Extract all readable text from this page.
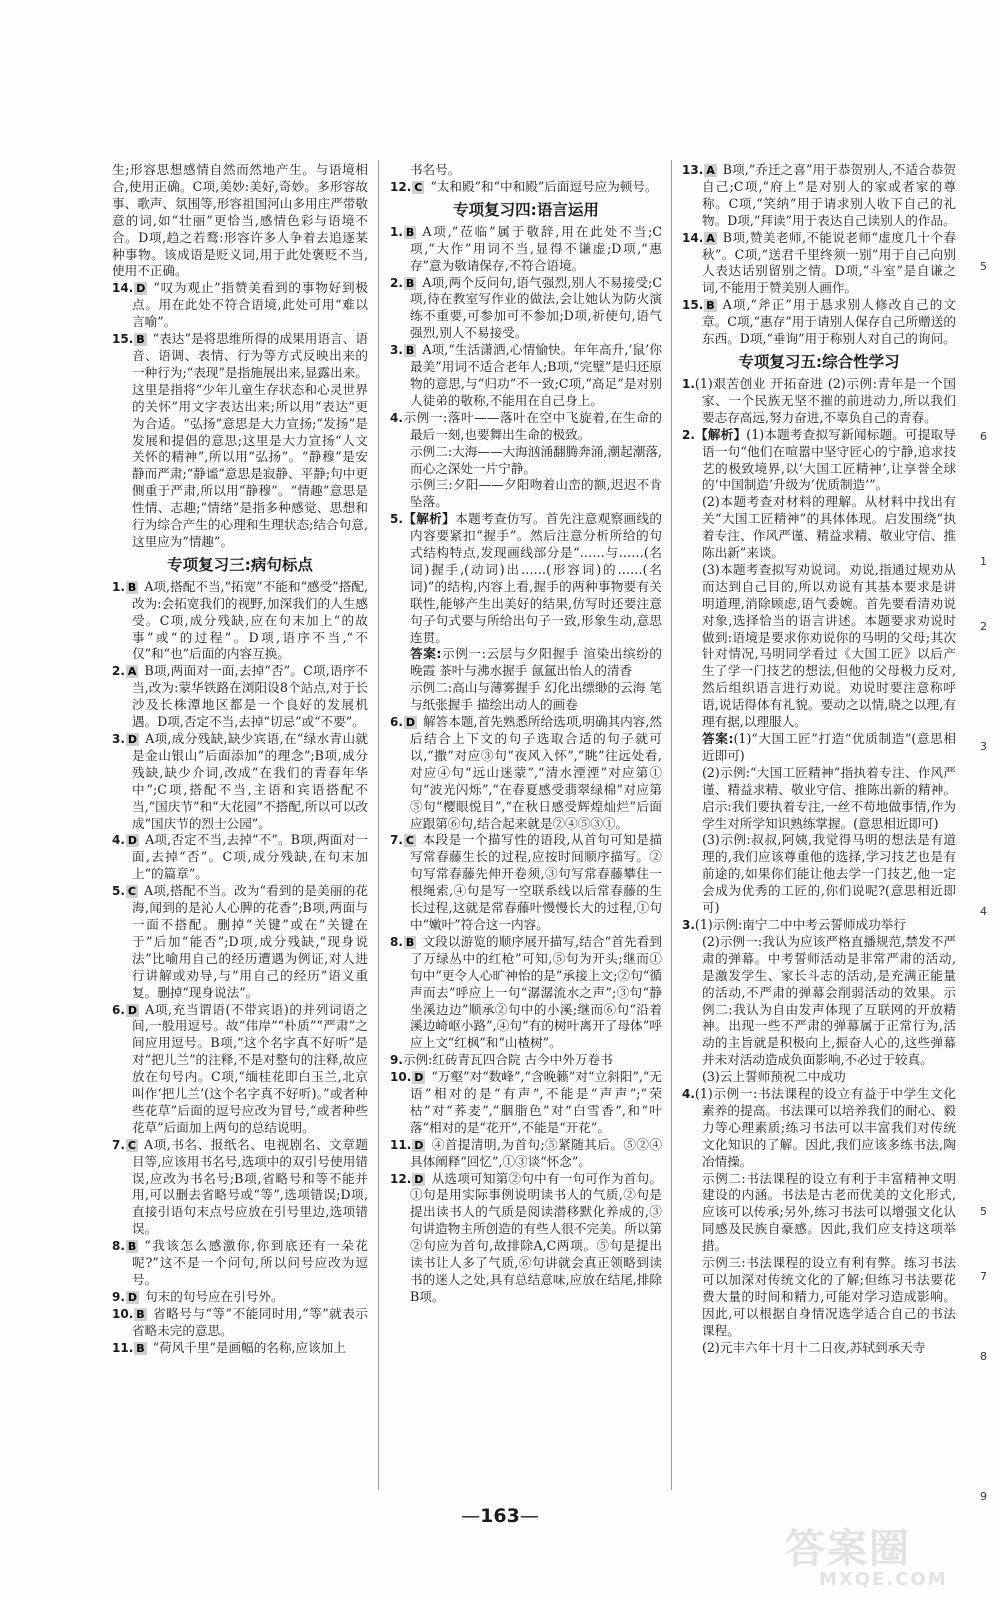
生;形容思想感情自然而然地产生。与语境相合,使用正确。C项,美妙:美好,奇妙。多形容故事、歌声、氛围等,形容祖国河山多用庄严带敬意的词,如“壮丽”更恰当,感情色彩与语境不合。D项,趋之若鹜:形容许多人争着去追逐某种事物。该成语是贬义词,用于此处褒贬不当,使用不正确。

14. D “叹为观止”指赞美看到的事物好到极点。用在此处不符合语境,此处可用“难以言喻”。

15. B “表达”是将思维所得的成果用语言、语音、语调、表情、行为等方式反映出来的一种行为;“表现”是指施展出来,显露出来。这里是指将“少年儿童生存状态和心灵世界的关怀”用文字表达出来;所以用“表达”更为合适。“弘扬”意思是大力宣扬;“发扬”是发展和提倡的意思;这里是大力宣扬“人文关怀的精神”,所以用“弘扬”。“静穆”是安静而严肃;“静谧”意思是寂静、平静;句中更侧重于严肃,所以用“静穆”。“情趣”意思是性情、志趣;“情绪”是指多种感觉、思想和行为综合产生的心理和生理状态;结合句意,这里应为“情趣”。

专项复习三:病句标点

1. B A项,搭配不当,“拓宽”不能和“感受”搭配,改为:会拓宽我们的视野,加深我们的人生感受。C项,成分残缺,应在句末加上“的故事”或“的过程”。D项,语序不当,“不仅”和“也”后面的内容互换。

2. A B项,两面对一面,去掉“否”。C项,语序不当,改为:蒙华铁路在浏阳设8个站点,对于长沙及长株潭地区都是一个良好的发展机遇。D项,否定不当,去掉“切忌”或“不要”。

3. D A项,成分残缺,缺少宾语,在“绿水青山就是金山银山”后面添加“的理念”;B项,成分残缺,缺少介词,改成“在我们的青春年华中”;C项,搭配不当,主语和宾语搭配不当,“国庆节”和“大花园”不搭配,所以可以改成“国庆节的烈士公园”。

4. D A项,否定不当,去掉“不”。B项,两面对一面,去掉“否”。C项,成分残缺,在句末加上“的篇章”。

5. C A项,搭配不当。改为“看到的是美丽的花海,闻到的是沁人心脾的花香”;B项,两面与一面不搭配。删掉“关键”或在“关键在于”后加“能否”;D项,成分残缺,“现身说法”比喻用自己的经历遭遇为例证,对人进行讲解或劝导,与“用自己的经历”语义重复。删掉“现身说法”。

6. D A项,充当谓语(不带宾语)的并列词语之间,一般用逗号。故“伟岸”“朴质”“严肃”之间应用逗号。B项,“这个名字真不好听”是对“把儿兰”的注释,不是对整句的注释,故应放在句号内。C项,“缅桂花即白玉兰,北京叫作‘把儿兰’(这个名字真不好听)。”或者种些花草”后面的逗号应改为冒号,“或者种些花草”后面加上两句的总结说明。

7. C A项,书名、报纸名、电视剧名、文章题目等,应该用书名号,选项中的双引号使用错误,应改为书名号;B项,省略号和等不能并用,可以删去省略号或“等”,选项错误;D项,直接引语句末点号应放在引号里边,选项错误。

8. B “我该怎么感激你,你到底还有一朵花呢?”这不是一个问句,所以问号应改为逗号。

9. D 句末的句号应在引号外。

10. B 省略号与“等”不能同时用,“等”就表示省略未完的意思。

11. B “荷风千里”是画幅的名称,应该加上

书名号。

12. C “太和殿”和“中和殿”后面逗号应为顿号。

专项复习四:语言运用

1. B A项,“莅临”属于敬辞,用在此处不当;C项,“大作”用词不当,显得不谦虚;D项,“惠存”意为敬请保存,不符合语境。

2. B A项,两个反问句,语气强烈,别人不易接受;C项,待在教室写作业的做法,会让她认为防火演练不重要,可参加可不参加;D项,祈使句,语气强烈,别人不易接受。

3. B A项,“生活潇洒,心情愉快。年年高升,‘鼠’你最美”用词不适合老年人;B项,“完璧”是归还原物的意思,与“归功”不一致;C项,“高足”是对别人徒弟的敬称,不能用在自己身上。

4.示例一:落叶——落叶在空中飞旋着,在生命的最后一刻,也要舞出生命的极致。

示例二:大海——大海汹涌翻腾奔涌,潮起潮落,而心之深处一片宁静。

示例三:夕阳——夕阳吻着山峦的额,迟迟不肯坠落。

5.【解析】本题考查仿写。首先注意观察画线的内容要紧扣“握手”。然后注意分析所给的句式结构特点,发现画线部分是“……与……(名词)握手,(动词)出……(形容词)的……(名词)”的结构,内容上看,握手的两种事物要有关联性,能够产生出美好的结果,仿写时还要注意句子句式要与所给出句子一致,形象生动,意思连贯。

答案:示例一:云层与夕阳握手 渲染出缤纷的晚霞 茶叶与沸水握手 氤氲出怡人的清香

示例二:高山与薄雾握手 幻化出缥缈的云海 笔与纸张握手 描绘出动人的画卷

6. D 解答本题,首先熟悉所给选项,明确其内容,然后结合上下文的句子选取合适的句子就可以,“撒”对应③句“夜风入怀”,“眺”往远处看,对应④句“远山迷蒙”,“清水湮湮”对应第①句“波光闪烁”,“在春夏感受翡翠绿棉”对应第⑤句“樱眼悦目”,“在秋日感受辉煌灿烂”后面应跟第⑥句,结合起来就是②④⑤③①。

7. C 本段是一个描写性的语段,从首句可知是描写常春藤生长的过程,应按时间顺序描写。②句写常春藤先伸开卷须,③句写常春藤攀住一根绳索,④句是写一空联系线以后常春藤的生长过程,这就是常春藤叶慢慢长大的过程,①句中“嫩叶”符合这一内容。

8. B 文段以游览的顺序展开描写,结合“首先看到了万绿丛中的红枪”可知,⑤句为开头;继而①句中“更令人心旷神怡的是”承接上文;②句“循声而去”呼应上一句“潺潺流水之声”;③句“静坐溪边边”顺承②句中的小溪;继而⑥句“沿着溪边崎岖小路”,④句“有的树叶离开了母体”呼应上文“红枫”和“山楂树”。

9.示例:红砖青瓦四合院 古今中外万卷书

10. D “万壑”对“数峰”,“含晚籁”对“立斜阳”,“无语”相对的是“有声”,不能是“声声”;“荣枯”对“荞麦”,“胭脂色”对“白雪香”,和“叶落”相对的是“花开”,不能是“开花”。

11. D ④首提清明,为首句;⑤紧随其后。⑤②④具体阐释“回忆”,①③谈“怀念”。

12. D 从选项可知第②句中有一句可作为首句。①句是用实际事例说明读书人的气质,②句是提出读书人的气质是阅读潜移默化养成的,③句讲造物主所创造的有些人很不完美。所以第②句应为首句,故排除A,C两项。⑤句是提出读书让人多了气质,⑥句讲就会真正领略到读书的迷人之处,具有总结意味,应放在结尾,排除B项。

13. A B项,“乔迁之喜”用于恭贺别人,不适合恭贺自己;C项,“府上”是对别人的家或者家的尊称。C项,“笑纳”用于请求别人收下自己的礼物。D项,“拜读”用于表达自己读别人的作品。

14. A B项,赞美老师,不能说老师“虚度几十个春秋”。C项,“送君千里终须一别”用于自己向别人表达话别留别之情。D项,“斗室”是自谦之词,不能用于赞美别人画作。

15. B A项,“斧正”用于恳求别人修改自己的文章。C项,“惠存”用于请别人保存自己所赠送的东西。D项,“垂询”用于称别人对自己的询问。

专项复习五:综合性学习

1.(1)艰苦创业 开拓奋进 (2)示例:青年是一个国家、一个民族无坚不摧的前进动力,所以我们要志存高远,努力奋进,不辜负自己的青春。

2.【解析】(1)本题考查拟写新闻标题。可提取导语一句“他们在喧嚣中坚守匠心的宁静,追求技艺的极致境界,以‘大国工匠精神’,让享誉全球的‘中国制造’升级为‘优质制造’”。

(2)本题考查对材料的理解。从材料中找出有关“大国工匠精神”的具体体现。启发围绕“执着专注、作风严谨、精益求精、敬业守信、推陈出新”来谈。

(3)本题考查拟写劝说词。劝说,指通过规劝从而达到自己目的,所以劝说有其基本要求是讲明道理,消除顾虑,语气委婉。首先要看清劝说对象,选择恰当的语言讲述。本题要求劝说时做到:语境是要求你劝说你的马明的父母;其次针对情况,马明同学看过《大国工匠》以后产生了学一门技艺的想法,但他的父母极力反对,然后组织语言进行劝说。劝说时要注意称呼语,说话得体有礼貌。要动之以情,晓之以理,有理有据,以理服人。

答案:(1)“大国工匠”打造“优质制造”(意思相近即可)

(2)示例:“大国工匠精神”指执着专注、作风严谨、精益求精、敬业守信、推陈出新的精神。启示:我们要执着专注,一丝不苟地做事情,作为学生对所学知识熟练掌握。(意思相近即可)

(3)示例:叔叔,阿姨,我觉得马明的想法是有道理的,我们应该尊重他的选择,学习技艺也是有前途的,如果你们能让他去学一门技艺,他一定会成为优秀的工匠的,你们说呢?(意思相近即可)

3.(1)示例:南宁二中中考云誓师成功举行

(2)示例一:我认为应该严格直播规范,禁发不严肃的弹幕。中考誓师活动是非常严肃的活动,是激发学生、家长斗志的活动,是充满正能量的活动,不严肃的弹幕会削弱活动的效果。示例二:我认为自由发声体现了互联网的开放精神。出现一些不严肃的弹幕属于正常行为,活动的主旨就是积极向上,振奋人心的,这些弹幕并未对活动造成负面影响,不必过于较真。

(3)云上誓师预祝二中成功

4.(1)示例一:书法课程的设立有益于中学生文化素养的提高。书法课可以培养我们的耐心、毅力等心理素质;练习书法可以丰富我们对传统文化知识的了解。因此,我们应该多练书法,陶冶情操。

示例二:书法课程的设立有利于丰富精神文明建设的内涵。书法是古老而优美的文化形式,应该可以传承;另外,练习书法可以增强文化认同感及民族自豪感。因此,我们应支持这项举措。

示例三:书法课程的设立有利有弊。练习书法可以加深对传统文化的了解;但练习书法要花费大量的时间和精力,可能对学习造成影响。因此,可以根据自身情况选学适合自己的书法课程。

(2)元丰六年十月十二日夜,苏轼到承天寺

5
6
1
2
3
4
5
7
8
9
— 163 —
答案圈
MXQE.COM
